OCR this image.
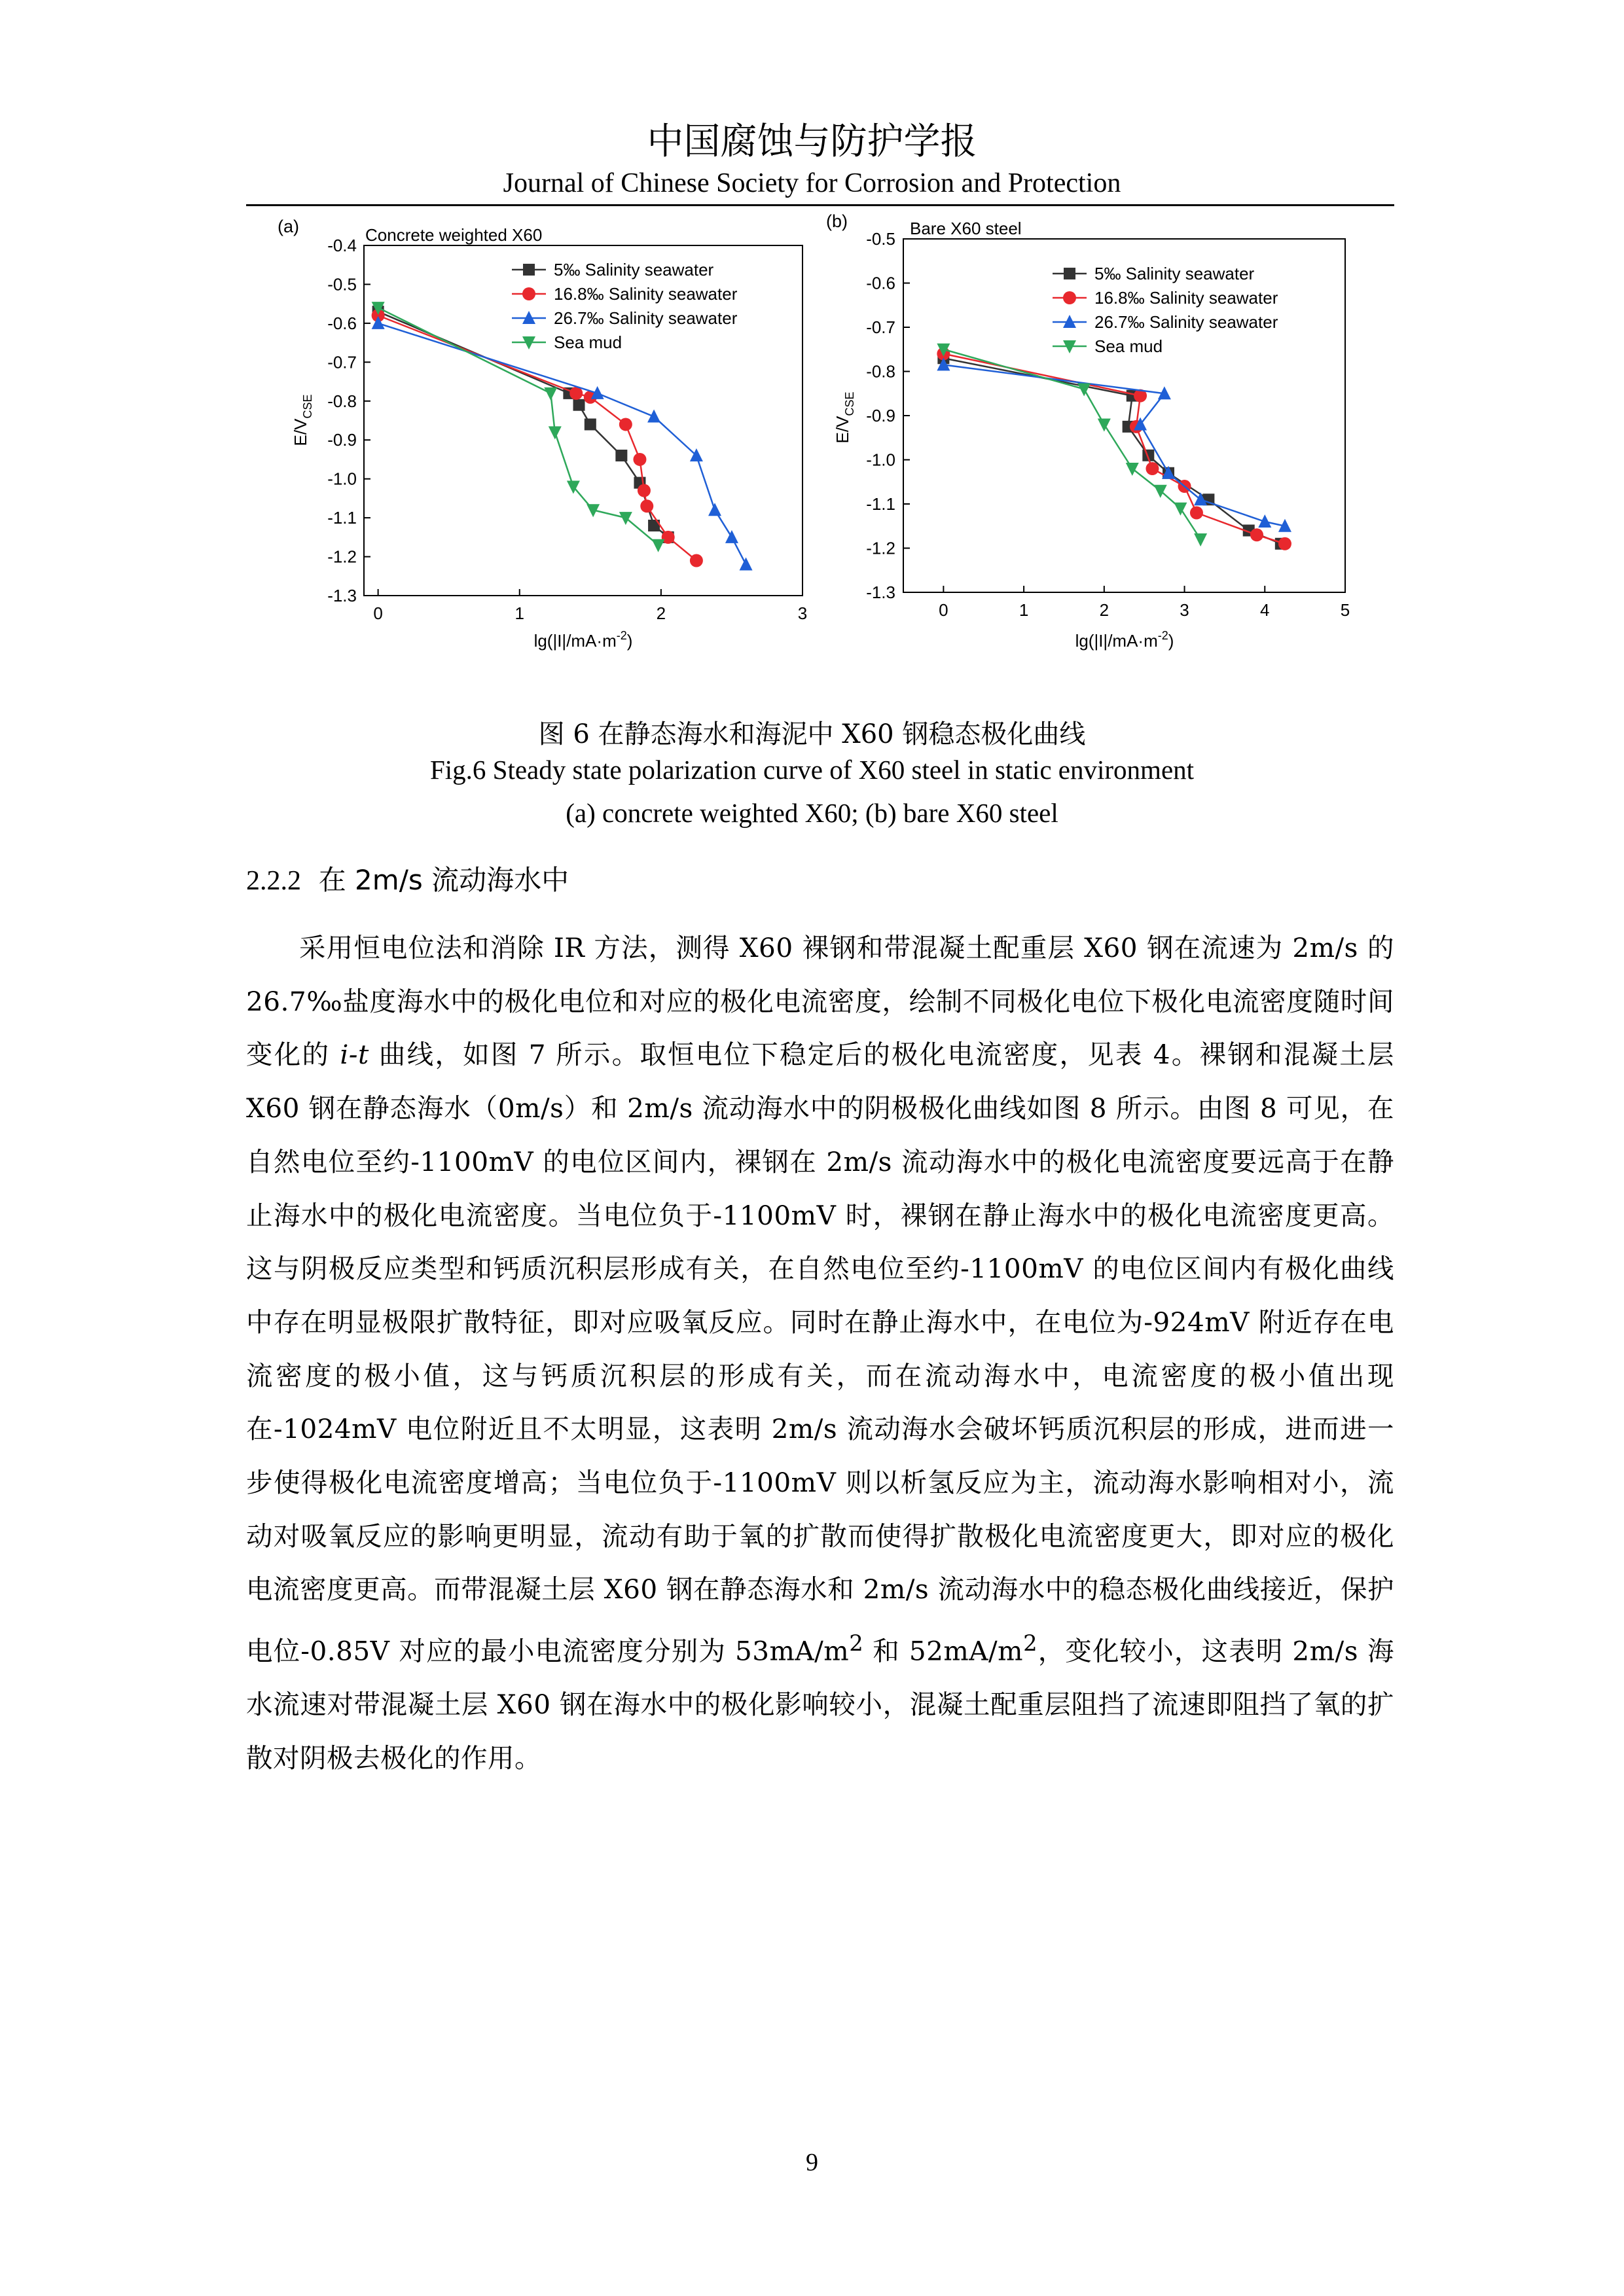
中国腐蚀与防护学报
Journal of Chinese Society for Corrosion and Protection
-0.4
-0.5
-0.6
-0.7
-0.8
-0.9
-1.0
-1.1
-1.2
-1.3
0	1	2	3
(a)	Concrete weighted X60
$\lg(|I|/mA\cdot m^{-2})$
$E/V_{CSE}$
5‰ Salinity seawater
16.8‰ Salinity seawater
26.7‰ Salinity seawater
Sea mud
-0.5
-0.6
-0.7
-0.8
-0.9
-1.0
-1.1
-1.2
-1.3
0	1	2	3	4	5
(b)	Bare X60 steel
$\lg(|I|/mA\cdot m^{-2})$
$E/V_{CSE}$
5‰ Salinity seawater
16.8‰ Salinity seawater
26.7‰ Salinity seawater
Sea mud
图 6 在静态海水和海泥中 X60 钢稳态极化曲线
Fig.6 Steady state polarization curve of X60 steel in static environment
(a) concrete weighted X60; (b) bare X60 steel
2.2.2 在 2m/s 流动海水中
采用恒电位法和消除 IR 方法，测得 X60 裸钢和带混凝土配重层 X60 钢在流速为 2m/s 的 26.7‰盐度海水中的极化电位和对应的极化电流密度，绘制不同极化电位下极化电流密度随时间变化的 i-t 曲线，如图 7 所示。取恒电位下稳定后的极化电流密度，见表 4。裸钢和混凝土层 X60 钢在静态海水（0m/s）和 2m/s 流动海水中的阴极极化曲线如图 8 所示。由图 8 可见，在自然电位至约-1100mV 的电位区间内，裸钢在 2m/s 流动海水中的极化电流密度要远高于在静止海水中的极化电流密度。当电位负于-1100mV 时，裸钢在静止海水中的极化电流密度更高。这与阴极反应类型和钙质沉积层形成有关，在自然电位至约-1100mV 的电位区间内有极化曲线中存在明显极限扩散特征，即对应吸氧反应。同时在静止海水中，在电位为-924mV 附近存在电流密度的极小值，这与钙质沉积层的形成有关，而在流动海水中，电流密度的极小值出现在-1024mV 电位附近且不太明显，这表明 2m/s 流动海水会破坏钙质沉积层的形成，进而进一步使得极化电流密度增高；当电位负于-1100mV 则以析氢反应为主，流动海水影响相对小，流动对吸氧反应的影响更明显，流动有助于氧的扩散而使得扩散极化电流密度更大，即对应的极化电流密度更高。而带混凝土层 X60 钢在静态海水和 2m/s 流动海水中的稳态极化曲线接近，保护电位-0.85V 对应的最小电流密度分别为 $53mA/m^2$ 和 $52mA/m^2$，变化较小，这表明 2m/s 海水流速对带混凝土层 X60 钢在海水中的极化影响较小，混凝土配重层阻挡了流速即阻挡了氧的扩散对阴极去极化的作用。
9
